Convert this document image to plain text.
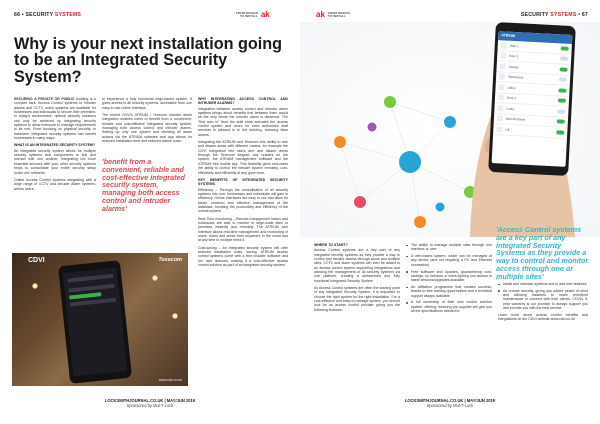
66 • SECURITY SYSTEMS	FROM DESIGN
TO INSTALL ak
Why is your next installation going to be an Integrated Security System?

SECURING A PRIVATE OR PUBLIC building is a complex task. Access Control systems to intruder alarms and CCTV, many systems are available for businesses and individuals to secure their premises. In today's environment, optimal security solutions can only be achieved by integrating security systems to allow everyone to manage requirements to be met. From focusing on physical security, to hardware, integrated security systems can benefit businesses in many ways.

WHAT IS AN INTEGRATED SECURITY SYSTEM?

An integrated security system allows for multiple security systems and components to link and interact with one another. Integrating not more essential services with your other security systems helps to consolidate your entire security setup under one umbrella.

Online Access Control systems integrating with a large range of CCTV and intruder Alarm systems, allows users

to experience a fully functional edge-based system. It gives access to all security systems, accessible from one easy-to-use online interface.

The recent CDVI's ATRIUM / Texecom intruder alarm integration enables users to benefit from a convenient, reliable and cost-effective integrated security system, managing both access control and intruder alarms. Setting up only one system and deciding all alarm actions via the ATRIUM software and app allows for reduced installation time and reduced labour costs.

'benefit from a convenient, reliable and cost-effective integrated security system, managing both access control and intruder alarms'
WHY INTEGRATING ACCESS CONTROL AND INTRUDER ALARMS?

Integration between access control and intruder alarm systems brings about benefits that between them would be the only whole the intruder alarm is disarmed. The "first man in" then the staff entry activates the access control system and doors for each authorised staff member is allowed in to the building, reducing false alarms.

Integrating the ATRIUM and Texecom this ability to arm and disarm areas with different means; for example the CDVI integration lets users arm and disarm areas through the Texecom keypad, any readers on the system, the ATRIUM management software and the ATRIUM free mobile app. This flexibility gives end-users the ability to control the intruder system remotely, cost-effectively and efficiently at any given time.

KEY BENEFITS OF INTEGRATED SECURITY SYSTEMS

Efficiency – Through the centralisation of all security systems into one, businesses and individuals will gain in efficiency. Online interfaces are easy to use and allow for faster, common and effective management of the database, boosting the productivity and efficiency of the overall system.

Real-Time monitoring – Remote management teams and individuals are able to monitor in large-scale sites or premises instantly and remotely. The ATRIUM web interface allows real-time management and monitoring of users, doors and areas from anywhere in the world and at any time in multiple need it.

Cost-saving – An integrated security system will offer reduced installation costs, saving. ATRIUM access control systems come with a free installer software and our user licenses, making it a cost-effective access control solution as part of an integrated security system.

CDVI	Texecom
www.cdvi.co.uk
LOCKSMITHJOURNAL.CO.UK | MAY/JUN 2019
Sponsored by Mul-T-Lock
ak FROM DESIGN
TO INSTALL	SECURITY SYSTEMS • 67
ATRIUM
Door 1
Door 2
Garage
Warehouse
Office
Door 3
Lobby
Main Entrance
Lift
'Access Control systems are a key part of any integrated Security Systems as they provide a way to control and monitor access through one or multiple sites'
WHERE TO START?

Access Control systems are a key part of any integrated security systems as they provide a way to control and monitor access through doors and multiple sites. CCTV and alarm systems can then be added to an access control system supporting integrations and allowing the management of all security systems via one platform, creating a streamlined and fully functional Integrated Security System.

As Access Control systems are often the starting point of any Integrated Security System, it is important to choose the right system for the right installation. For a cost-effective and easy-to-manage system, you should look for an access control provider giving you the following features:

The ability to manage multiple sites through one interface or user
A web-based system, which can be managed at any device (and not requiring a PC and Ethernet connection)
Free software and updates, guaranteeing cost-savings, no licences or extra lighting you access to latest versions/upgrades available
An affiliation programme that creates success, thanks to free training opportunities and a technical support always available
A full ownership of their own control solution system, offering, meaning you supplier will give you all the specifications needed to
install and maintain systems and to add new features.
As remote security, giving you added peace of mind and allowing installers to make remote/or maintenance or connect with their clients. CDVI's 3-year warranty is our promise to always support you and provide you with the best service.

Learn more about access control benefits and integrations on the CDVI website www.cdvi.co.uk

LOCKSMITHJOURNAL.CO.UK | MAY/JUN 2019
Sponsored by Mul-T-Lock
